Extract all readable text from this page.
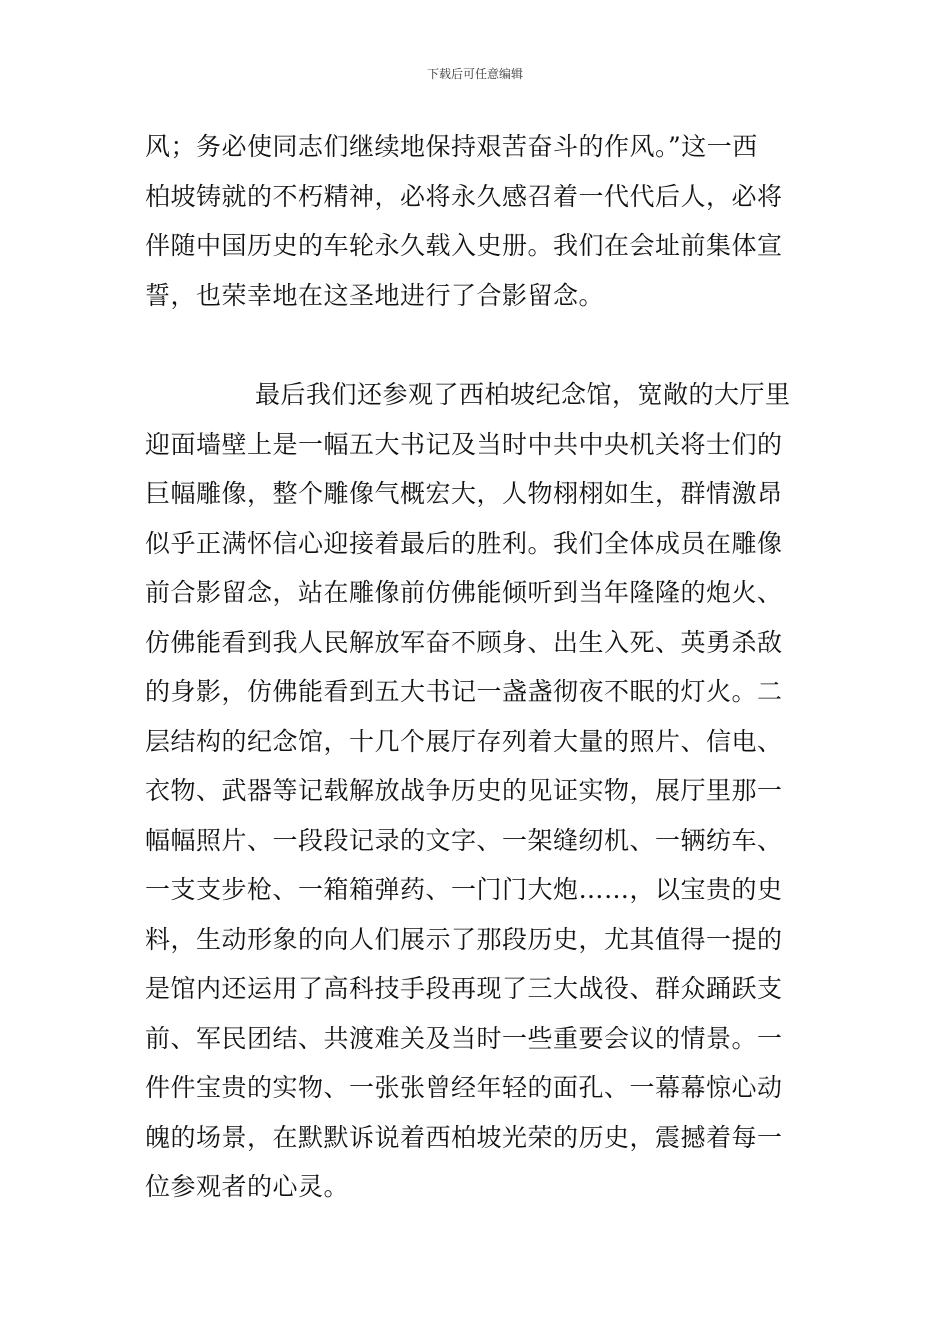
下载后可任意编辑
风；务必使同志们继续地保持艰苦奋斗的作风。”这一西
柏坡铸就的不朽精神，必将永久感召着一代代后人，必将
伴随中国历史的车轮永久载入史册。我们在会址前集体宣
誓，也荣幸地在这圣地进行了合影留念。
最后我们还参观了西柏坡纪念馆，宽敞的大厅里
迎面墙壁上是一幅五大书记及当时中共中央机关将士们的
巨幅雕像，整个雕像气概宏大，人物栩栩如生，群情激昂
似乎正满怀信心迎接着最后的胜利。我们全体成员在雕像
前合影留念，站在雕像前仿佛能倾听到当年隆隆的炮火、
仿佛能看到我人民解放军奋不顾身、出生入死、英勇杀敌
的身影，仿佛能看到五大书记一盏盏彻夜不眠的灯火。二
层结构的纪念馆，十几个展厅存列着大量的照片、信电、
衣物、武器等记载解放战争历史的见证实物，展厅里那一
幅幅照片、一段段记录的文字、一架缝纫机、一辆纺车、
一支支步枪、一箱箱弹药、一门门大炮……，以宝贵的史
料，生动形象的向人们展示了那段历史，尤其值得一提的
是馆内还运用了高科技手段再现了三大战役、群众踊跃支
前、军民团结、共渡难关及当时一些重要会议的情景。一
件件宝贵的实物、一张张曾经年轻的面孔、一幕幕惊心动
魄的场景，在默默诉说着西柏坡光荣的历史，震撼着每一
位参观者的心灵。
